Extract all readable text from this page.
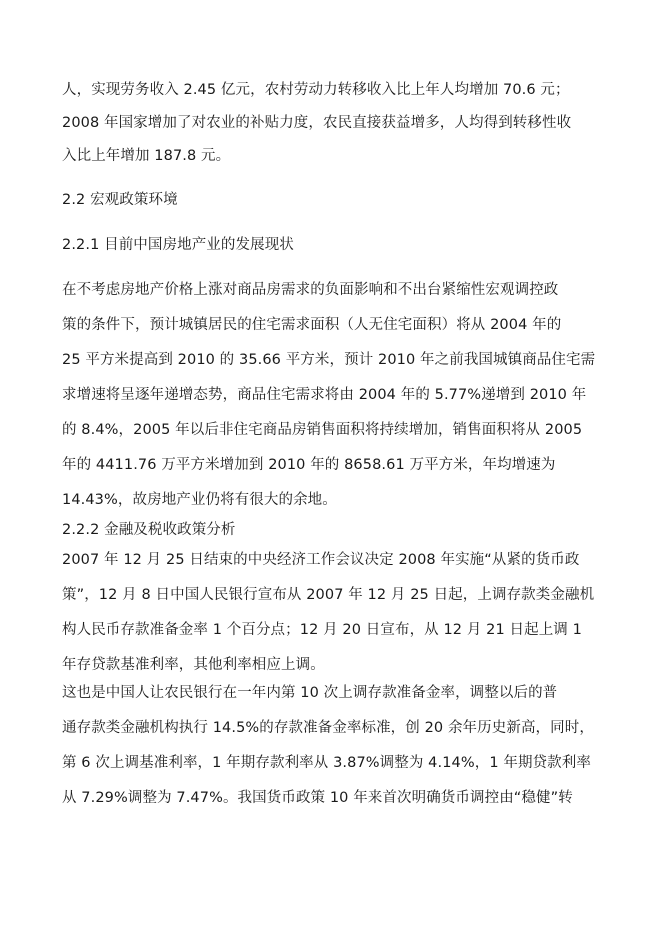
人，实现劳务收入 2.45 亿元，农村劳动力转移收入比上年人均增加 70.6 元；
2008 年国家增加了对农业的补贴力度，农民直接获益增多，人均得到转移性收
入比上年增加 187.8 元。
2.2 宏观政策环境
2.2.1 目前中国房地产业的发展现状
在不考虑房地产价格上涨对商品房需求的负面影响和不出台紧缩性宏观调控政
策的条件下，预计城镇居民的住宅需求面积（人无住宅面积）将从 2004 年的
25 平方米提高到 2010 的 35.66 平方米，预计 2010 年之前我国城镇商品住宅需
求增速将呈逐年递增态势，商品住宅需求将由 2004 年的 5.77%递增到 2010 年
的 8.4%，2005 年以后非住宅商品房销售面积将持续增加，销售面积将从 2005
年的 4411.76 万平方米增加到 2010 年的 8658.61 万平方米，年均增速为
14.43%，故房地产业仍将有很大的余地。
2.2.2 金融及税收政策分析
2007 年 12 月 25 日结束的中央经济工作会议决定 2008 年实施“从紧的货币政
策”，12 月 8 日中国人民银行宣布从 2007 年 12 月 25 日起，上调存款类金融机
构人民币存款准备金率 1 个百分点；12 月 20 日宣布，从 12 月 21 日起上调 1
年存贷款基准利率，其他利率相应上调。
这也是中国人让农民银行在一年内第 10 次上调存款准备金率，调整以后的普
通存款类金融机构执行 14.5%的存款准备金率标准，创 20 余年历史新高，同时，
第 6 次上调基准利率，1 年期存款利率从 3.87%调整为 4.14%，1 年期贷款利率
从 7.29%调整为 7.47%。我国货币政策 10 年来首次明确货币调控由“稳健”转
